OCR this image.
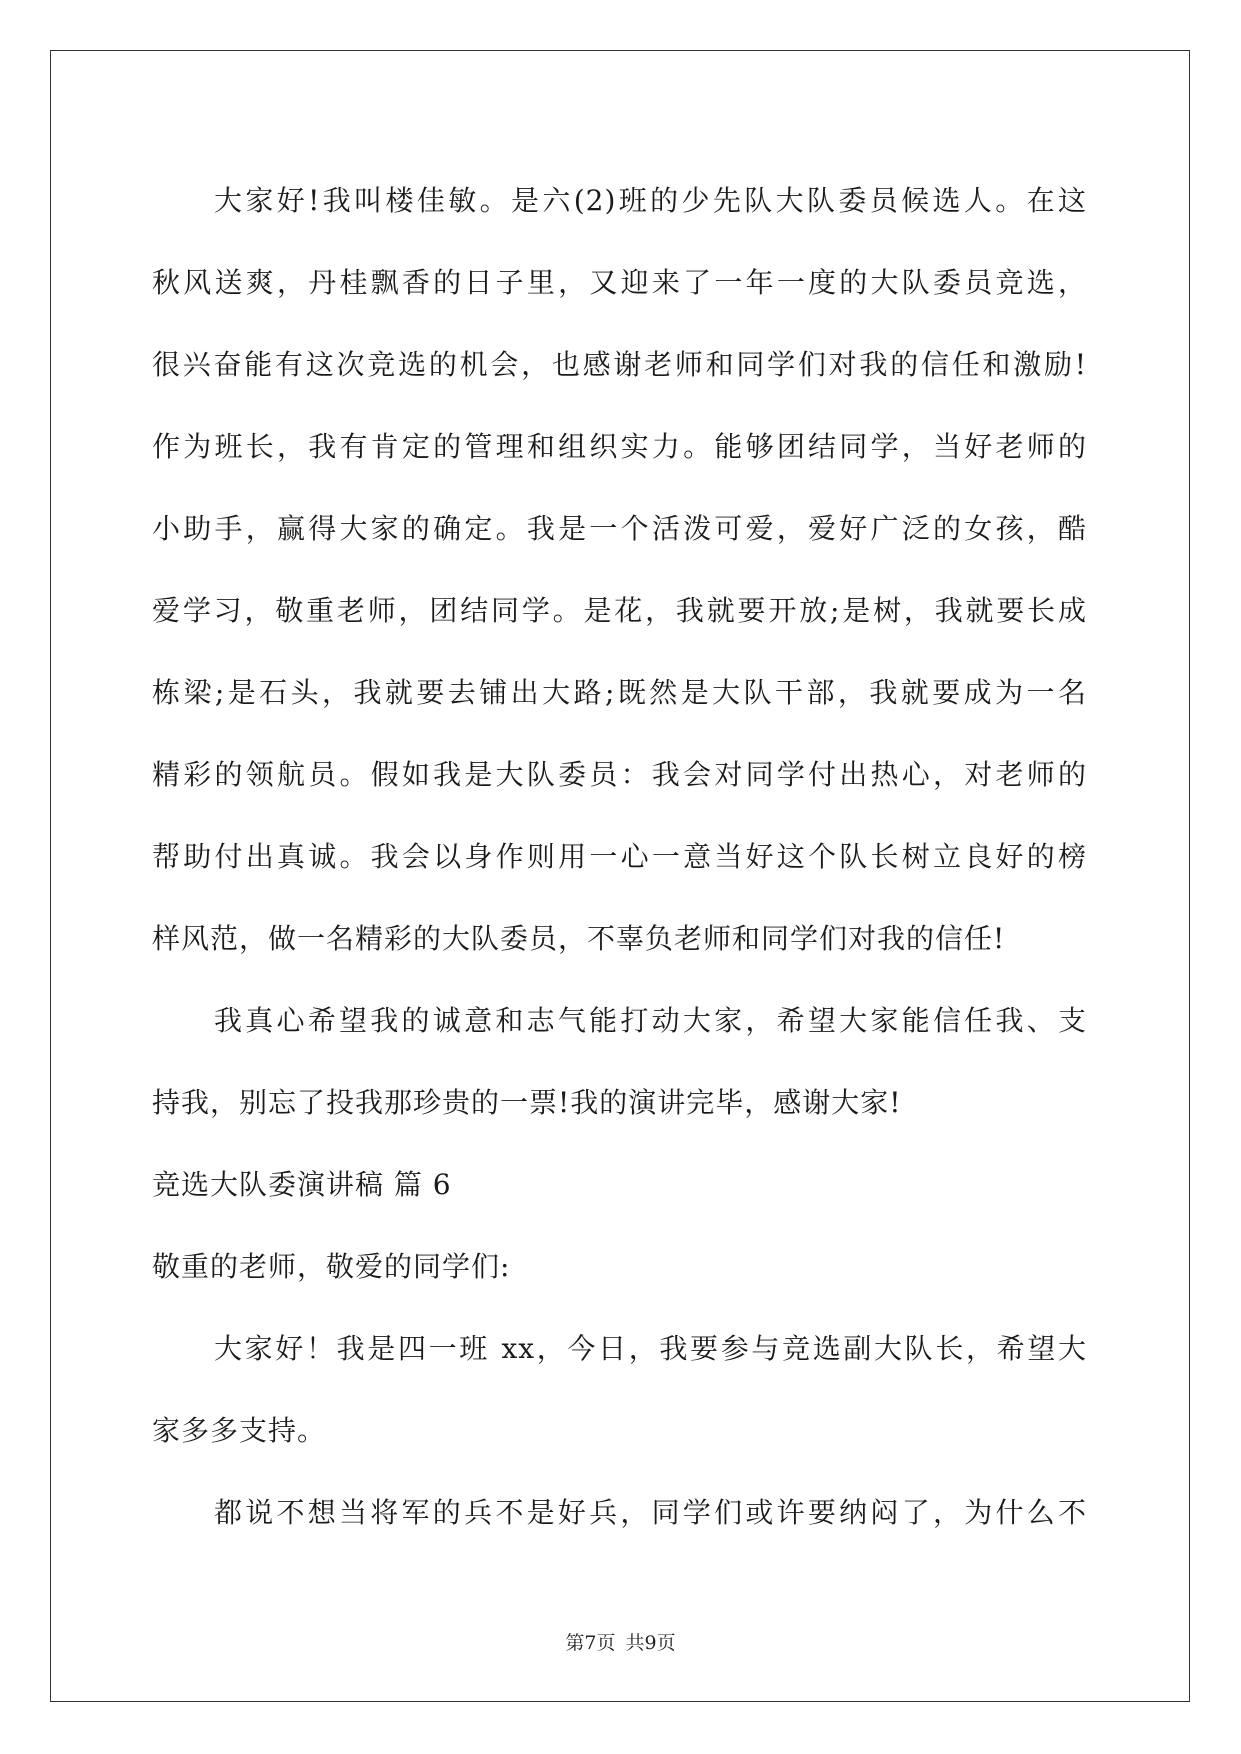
大家好!我叫楼佳敏。是六(2)班的少先队大队委员候选人。在这

秋风送爽，丹桂飘香的日子里，又迎来了一年一度的大队委员竞选，

很兴奋能有这次竞选的机会，也感谢老师和同学们对我的信任和激励!

作为班长，我有肯定的管理和组织实力。能够团结同学，当好老师的

小助手，赢得大家的确定。我是一个活泼可爱，爱好广泛的女孩，酷

爱学习，敬重老师，团结同学。是花，我就要开放;是树，我就要长成

栋梁;是石头，我就要去铺出大路;既然是大队干部，我就要成为一名

精彩的领航员。假如我是大队委员：我会对同学付出热心，对老师的

帮助付出真诚。我会以身作则用一心一意当好这个队长树立良好的榜

样风范，做一名精彩的大队委员，不辜负老师和同学们对我的信任!

我真心希望我的诚意和志气能打动大家，希望大家能信任我、支

持我，别忘了投我那珍贵的一票!我的演讲完毕，感谢大家!

竞选大队委演讲稿 篇 6

敬重的老师，敬爱的同学们:

大家好！我是四一班 xx，今日，我要参与竞选副大队长，希望大

家多多支持。

都说不想当将军的兵不是好兵，同学们或许要纳闷了，为什么不

第7页 共9页
